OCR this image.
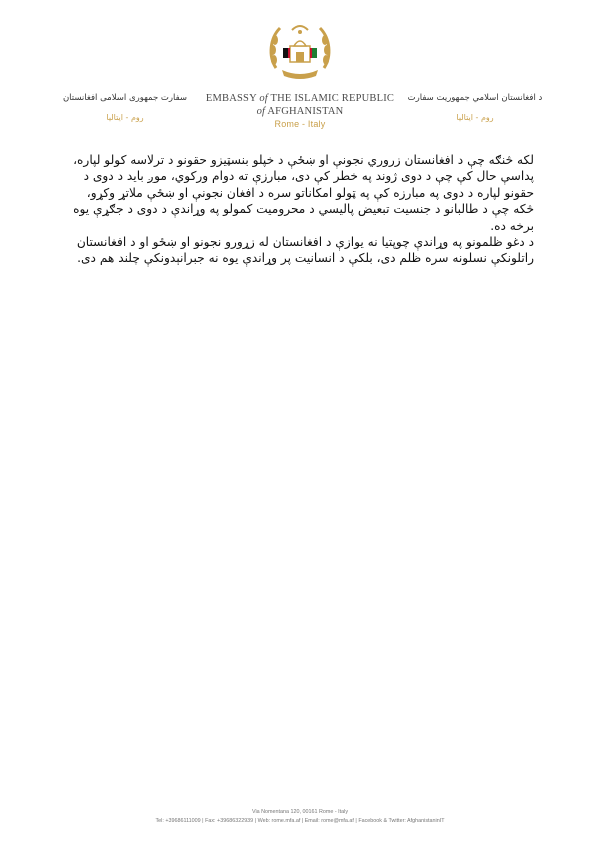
سفارت جمهوری اسلامی افغانستان
روم - ایتالیا
EMBASSY of THE ISLAMIC REPUBLIC
of AFGHANISTAN
Rome - Italy
د افغانستان اسلامي جمهوريت سفارت
روم - ایتالیا

لکه څنګه چې د افغانستان زروري نجونې او ښځې د خپلو بنسټيزو حقونو د ترلاسه کولو لپاره، پداسې حال کې چې د دوی ژوند په خطر کې دی، مبارزې ته دوام ورکوي، موږ باید د دوی د حقونو لپاره د دوی په مبارزه کې په ټولو امکاناتو سره د افغان نجونې او ښځې ملاتړ وکړو، څکه چې د طالبانو د جنسيت تبعیض پالیسي د محرومیت کمولو په وړاندې د دوی د جګړې يوه برخه ده.

د دغو ظلمونو په وړاندې چوپتیا نه یوازې د افغانستان له زړورو نجونو او ښځو او د افغانستان راتلونکې نسلونه سره ظلم دی، بلکې د انسانيت پر وړاندې یوه نه جبرانېدونکې چلند هم دی.

Via Nomentana 120, 00161 Rome - Italy
Tel: +39686111009 | Fax: +39686322939 | Web: rome.mfa.af | Email: rome@mfa.af | Facebook & Twitter: AfghanistaninIT
